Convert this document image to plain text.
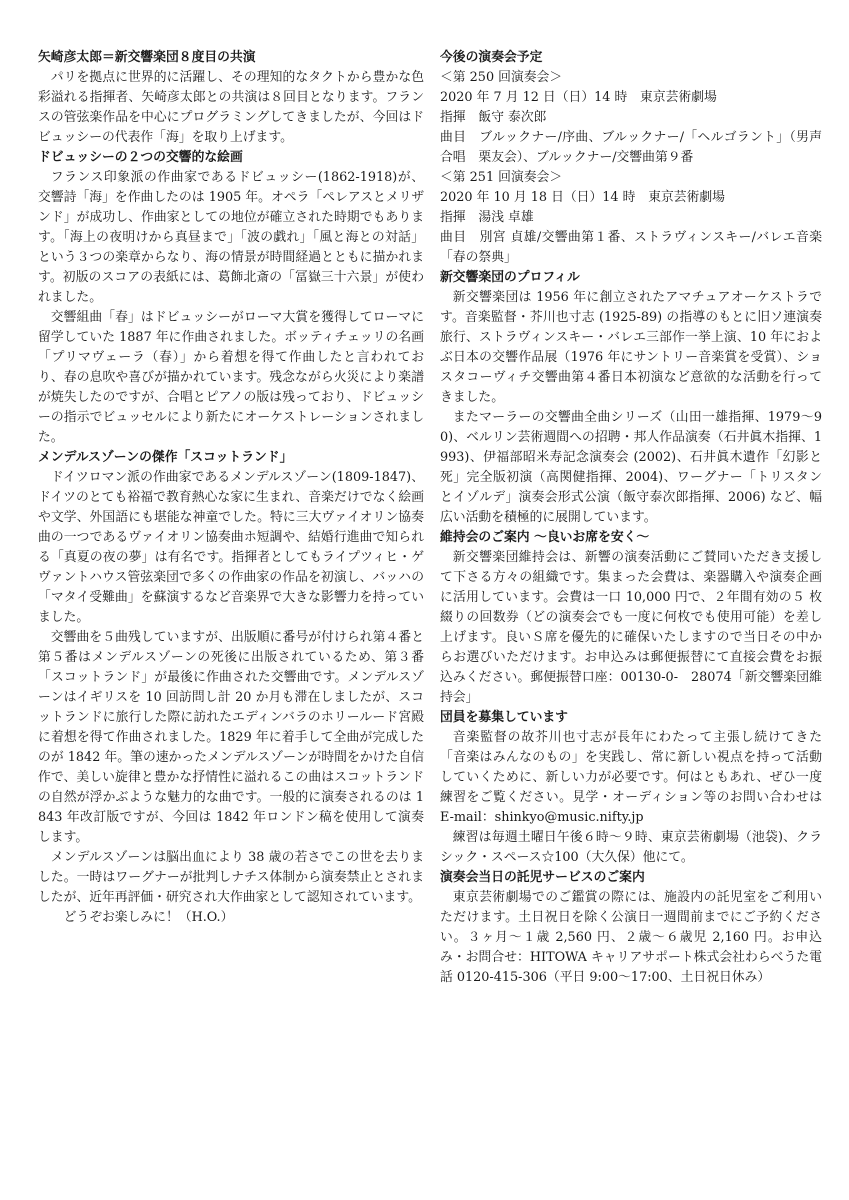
矢崎彦太郎＝新交響楽団８度目の共演

パリを拠点に世界的に活躍し、その理知的なタクトから豊かな色彩溢れる指揮者、矢崎彦太郎との共演は８回目となります。フランスの管弦楽作品を中心にプログラミングしてきましたが、今回はドビュッシーの代表作「海」を取り上げます。

ドビュッシーの２つの交響的な絵画

フランス印象派の作曲家であるドビュッシー(1862-1918)が、交響詩「海」を作曲したのは 1905 年。オペラ「ペレアスとメリザンド」が成功し、作曲家としての地位が確立された時期でもあります。「海上の夜明けから真昼まで」「波の戯れ」「風と海との対話」という３つの楽章からなり、海の情景が時間経過とともに描かれます。初版のスコアの表紙には、葛飾北斎の「冨嶽三十六景」が使われました。

交響組曲「春」はドビュッシーがローマ大賞を獲得してローマに留学していた 1887 年に作曲されました。ボッティチェッリの名画「プリマヴェーラ（春）」から着想を得て作曲したと言われており、春の息吹や喜びが描かれています。残念ながら火災により楽譜が焼失したのですが、合唱とピアノの版は残っており、ドビュッシーの指示でビュッセルにより新たにオーケストレーションされました。

メンデルスゾーンの傑作「スコットランド」

ドイツロマン派の作曲家であるメンデルスゾーン(1809-1847)、ドイツのとても裕福で教育熱心な家に生まれ、音楽だけでなく絵画や文学、外国語にも堪能な神童でした。特に三大ヴァイオリン協奏曲の一つであるヴァイオリン協奏曲ホ短調や、結婚行進曲で知られる「真夏の夜の夢」は有名です。指揮者としてもライプツィヒ・ゲヴァントハウス管弦楽団で多くの作曲家の作品を初演し、バッハの「マタイ受難曲」を蘇演するなど音楽界で大きな影響力を持っていました。

交響曲を５曲残していますが、出版順に番号が付けられ第４番と第５番はメンデルスゾーンの死後に出版されているため、第３番「スコットランド」が最後に作曲された交響曲です。メンデルスゾーンはイギリスを 10 回訪問し計 20 か月も滞在しましたが、スコットランドに旅行した際に訪れたエディンバラのホリールード宮殿に着想を得て作曲されました。1829 年に着手して全曲が完成したのが 1842 年。筆の速かったメンデルスゾーンが時間をかけた自信作で、美しい旋律と豊かな抒情性に溢れるこの曲はスコットランドの自然が浮かぶような魅力的な曲です。一般的に演奏されるのは 1843 年改訂版ですが、今回は 1842 年ロンドン稿を使用して演奏します。

メンデルスゾーンは脳出血により 38 歳の若さでこの世を去りました。一時はワーグナーが批判しナチス体制から演奏禁止とされましたが、近年再評価・研究され大作曲家として認知されています。

どうぞお楽しみに！（H.O.）

今後の演奏会予定

＜第 250 回演奏会＞

2020 年 7 月 12 日（日）14 時　東京芸術劇場

指揮　飯守 泰次郎

曲目　ブルックナー/序曲、ブルックナー/「ヘルゴラント」（男声合唱　栗友会）、ブルックナー/交響曲第９番

＜第 251 回演奏会＞

2020 年 10 月 18 日（日）14 時　東京芸術劇場

指揮　湯浅 卓雄

曲目　別宮 貞雄/交響曲第１番、ストラヴィンスキー/バレエ音楽「春の祭典」

新交響楽団のプロフィル

新交響楽団は 1956 年に創立されたアマチュアオーケストラです。音楽監督・芥川也寸志 (1925-89) の指導のもとに旧ソ連演奏旅行、ストラヴィンスキー・バレエ三部作一挙上演、10 年におよぶ日本の交響作品展（1976 年にサントリー音楽賞を受賞）、ショスタコーヴィチ交響曲第４番日本初演など意欲的な活動を行ってきました。

またマーラーの交響曲全曲シリーズ（山田一雄指揮、1979〜90)、ベルリン芸術週間への招聘・邦人作品演奏（石井眞木指揮、1993)、伊福部昭米寿記念演奏会 (2002)、石井眞木遺作「幻影と死」完全版初演（高関健指揮、2004)、ワーグナー「トリスタンとイゾルデ」演奏会形式公演（飯守泰次郎指揮、2006) など、幅広い活動を積極的に展開しています。

維持会のご案内 〜良いお席を安く〜

新交響楽団維持会は、新響の演奏活動にご賛同いただき支援して下さる方々の組織です。集まった会費は、楽器購入や演奏企画に活用しています。会費は一口 10,000 円で、２年間有効の５ 枚綴りの回数券（どの演奏会でも一度に何枚でも使用可能）を差し上げます。良いＳ席を優先的に確保いたしますので当日その中からお選びいただけます。お申込みは郵便振替にて直接会費をお振込みください。郵便振替口座：00130-0-　28074「新交響楽団維持会」

団員を募集しています

音楽監督の故芥川也寸志が長年にわたって主張し続けてきた「音楽はみんなのもの」を実践し、常に新しい視点を持って活動していくために、新しい力が必要です。何はともあれ、ぜひ一度練習をご覧ください。見学・オーディション等のお問い合わせは E-mail：shinkyo@music.nifty.jp

練習は毎週土曜日午後６時〜９時、東京芸術劇場（池袋)、クラシック・スペース☆100（大久保）他にて。

演奏会当日の託児サービスのご案内

東京芸術劇場でのご鑑賞の際には、施設内の託児室をご利用いただけます。土日祝日を除く公演日一週間前までにご予約ください。３ヶ月〜１歳 2,560 円、２歳〜６歳児 2,160 円。お申込み・お問合せ：HITOWA キャリアサポート株式会社わらべうた電話 0120-415-306（平日 9:00〜17:00、土日祝日休み）
